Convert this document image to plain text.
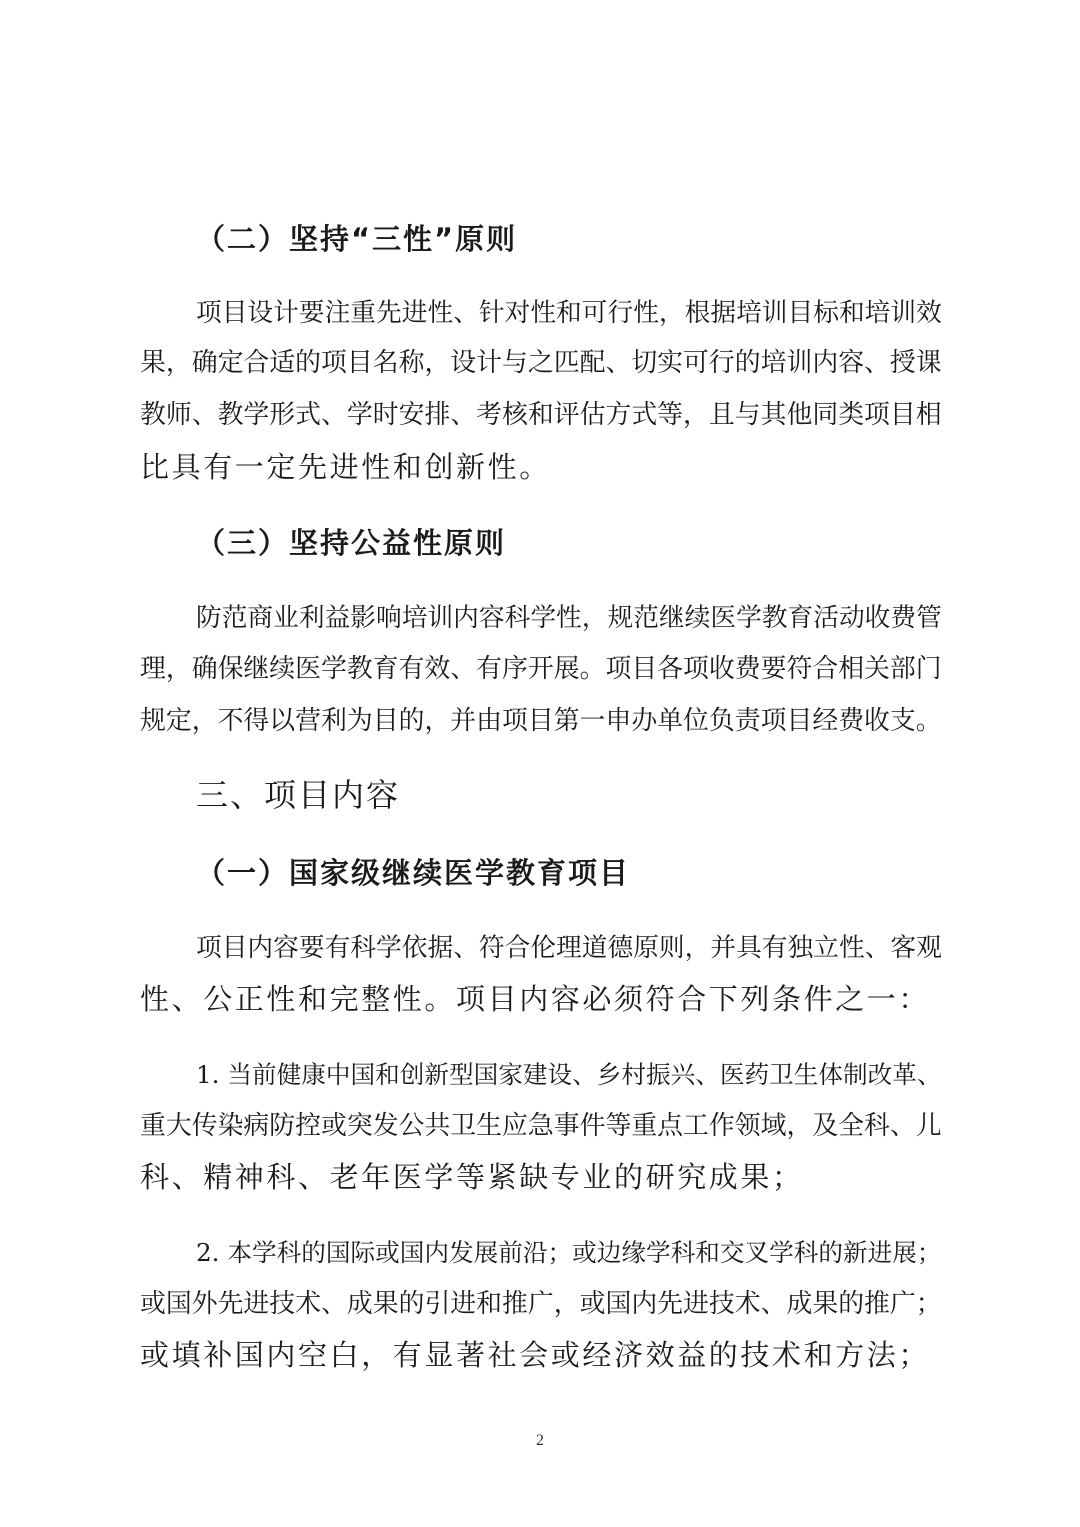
（二）坚持“三性”原则
项目设计要注重先进性、针对性和可行性，根据培训目标和培训效
果，确定合适的项目名称，设计与之匹配、切实可行的培训内容、授课
教师、教学形式、学时安排、考核和评估方式等，且与其他同类项目相
比具有一定先进性和创新性。
（三）坚持公益性原则
防范商业利益影响培训内容科学性，规范继续医学教育活动收费管
理，确保继续医学教育有效、有序开展。项目各项收费要符合相关部门
规定，不得以营利为目的，并由项目第一申办单位负责项目经费收支。
三、项目内容
（一）国家级继续医学教育项目
项目内容要有科学依据、符合伦理道德原则，并具有独立性、客观
性、公正性和完整性。项目内容必须符合下列条件之一：
1. 当前健康中国和创新型国家建设、乡村振兴、医药卫生体制改革、
重大传染病防控或突发公共卫生应急事件等重点工作领域，及全科、儿
科、精神科、老年医学等紧缺专业的研究成果；
2. 本学科的国际或国内发展前沿；或边缘学科和交叉学科的新进展；
或国外先进技术、成果的引进和推广，或国内先进技术、成果的推广；
或填补国内空白，有显著社会或经济效益的技术和方法；
2
